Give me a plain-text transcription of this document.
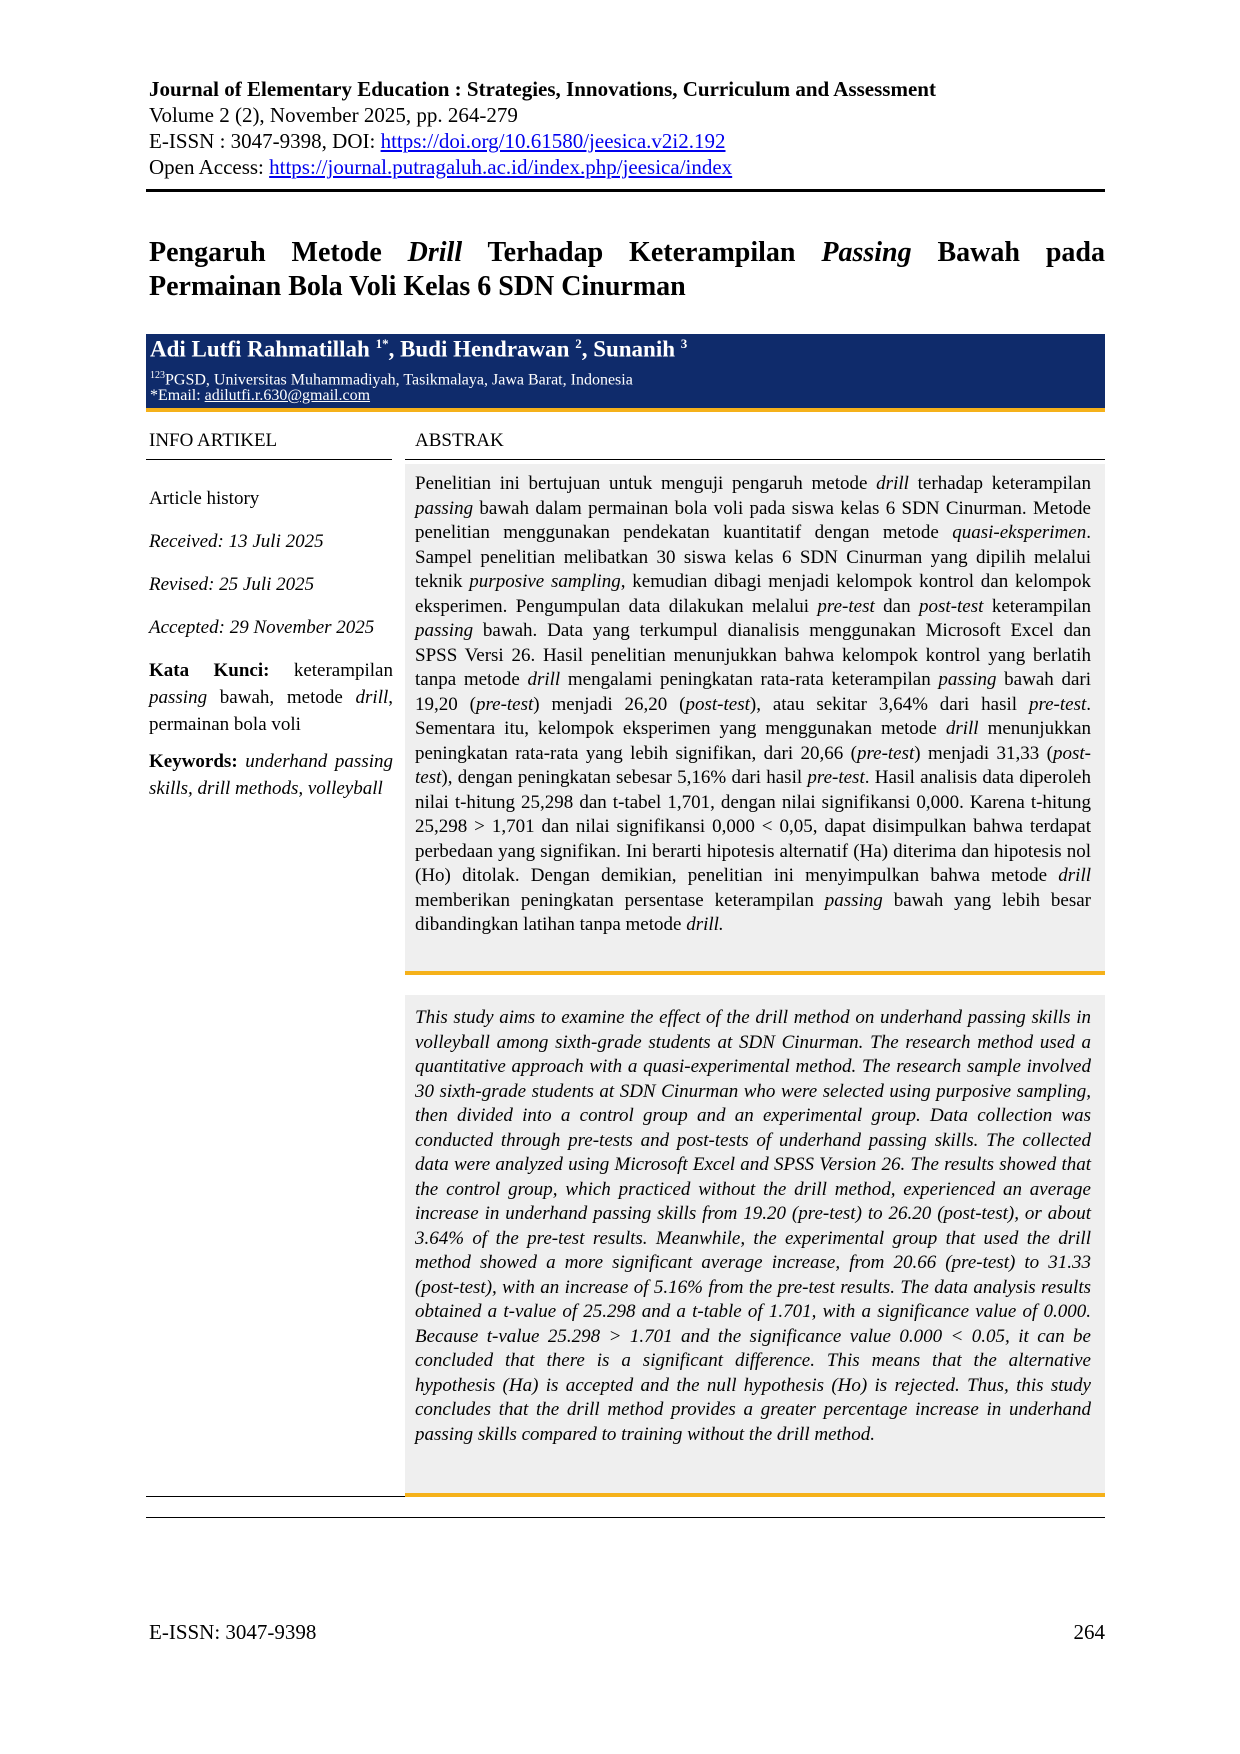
Journal of Elementary Education : Strategies, Innovations, Curriculum and Assessment
Volume 2 (2), November 2025, pp. 264-279
E-ISSN : 3047-9398, DOI: https://doi.org/10.61580/jeesica.v2i2.192
Open Access: https://journal.putragaluh.ac.id/index.php/jeesica/index
Pengaruh Metode Drill Terhadap Keterampilan Passing Bawah pada Permainan Bola Voli Kelas 6 SDN Cinurman
Adi Lutfi Rahmatillah $^{1*}$, Budi Hendrawan $^2$, Sunanih $^3$
$^{123}$PGSD, Universitas Muhammadiyah, Tasikmalaya, Jawa Barat, Indonesia
*Email: adilutfi.r.630@gmail.com
INFO ARTIKEL	ABSTRAK

Article history

Received: 13 Juli 2025

Revised: 25 Juli 2025

Accepted: 29 November 2025

Kata Kunci: keterampilan passing bawah, metode drill, permainan bola voli

Keywords: underhand passing skills, drill methods, volleyball

Penelitian ini bertujuan untuk menguji pengaruh metode drill terhadap keterampilan passing bawah dalam permainan bola voli pada siswa kelas 6 SDN Cinurman. Metode penelitian menggunakan pendekatan kuantitatif dengan metode quasi-eksperimen. Sampel penelitian melibatkan 30 siswa kelas 6 SDN Cinurman yang dipilih melalui teknik purposive sampling, kemudian dibagi menjadi kelompok kontrol dan kelompok eksperimen. Pengumpulan data dilakukan melalui pre-test dan post-test keterampilan passing bawah. Data yang terkumpul dianalisis menggunakan Microsoft Excel dan SPSS Versi 26. Hasil penelitian menunjukkan bahwa kelompok kontrol yang berlatih tanpa metode drill mengalami peningkatan rata-rata keterampilan passing bawah dari 19,20 (pre-test) menjadi 26,20 (post-test), atau sekitar 3,64% dari hasil pre-test. Sementara itu, kelompok eksperimen yang menggunakan metode drill menunjukkan peningkatan rata-rata yang lebih signifikan, dari 20,66 (pre-test) menjadi 31,33 (post-test), dengan peningkatan sebesar 5,16% dari hasil pre-test. Hasil analisis data diperoleh nilai t-hitung 25,298 dan t-tabel 1,701, dengan nilai signifikansi 0,000. Karena t-hitung 25,298 > 1,701 dan nilai signifikansi 0,000 < 0,05, dapat disimpulkan bahwa terdapat perbedaan yang signifikan. Ini berarti hipotesis alternatif (Ha) diterima dan hipotesis nol (Ho) ditolak. Dengan demikian, penelitian ini menyimpulkan bahwa metode drill memberikan peningkatan persentase keterampilan passing bawah yang lebih besar dibandingkan latihan tanpa metode drill.
This study aims to examine the effect of the drill method on underhand passing skills in volleyball among sixth-grade students at SDN Cinurman. The research method used a quantitative approach with a quasi-experimental method. The research sample involved 30 sixth-grade students at SDN Cinurman who were selected using purposive sampling, then divided into a control group and an experimental group. Data collection was conducted through pre-tests and post-tests of underhand passing skills. The collected data were analyzed using Microsoft Excel and SPSS Version 26. The results showed that the control group, which practiced without the drill method, experienced an average increase in underhand passing skills from 19.20 (pre-test) to 26.20 (post-test), or about 3.64% of the pre-test results. Meanwhile, the experimental group that used the drill method showed a more significant average increase, from 20.66 (pre-test) to 31.33 (post-test), with an increase of 5.16% from the pre-test results. The data analysis results obtained a t-value of 25.298 and a t-table of 1.701, with a significance value of 0.000. Because t-value 25.298 > 1.701 and the significance value 0.000 < 0.05, it can be concluded that there is a significant difference. This means that the alternative hypothesis (Ha) is accepted and the null hypothesis (Ho) is rejected. Thus, this study concludes that the drill method provides a greater percentage increase in underhand passing skills compared to training without the drill method.
E-ISSN: 3047-9398	264
